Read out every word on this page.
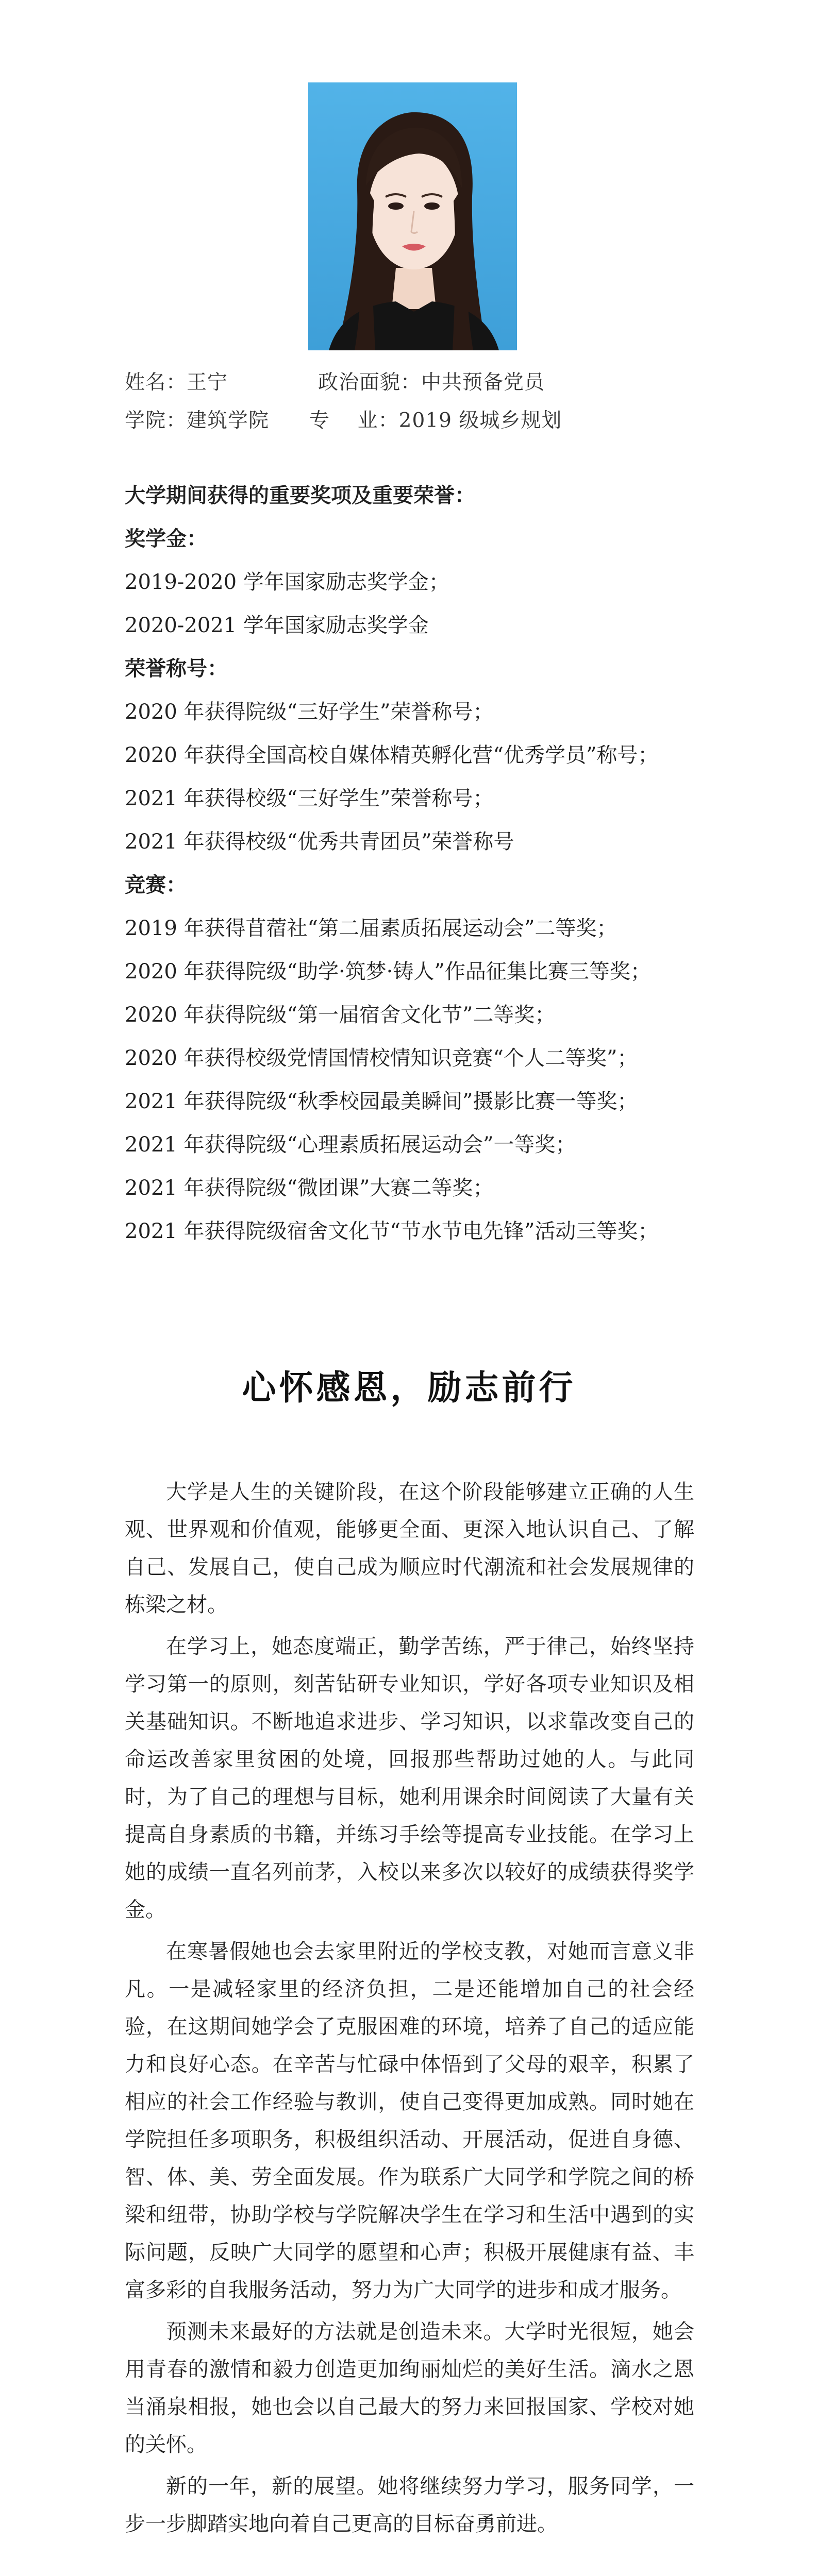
姓名：王宁	政治面貌：中共预备党员
学院：建筑学院 专    业：2019 级城乡规划
大学期间获得的重要奖项及重要荣誉：
奖学金：
2019-2020 学年国家励志奖学金；
2020-2021 学年国家励志奖学金
荣誉称号：
2020 年获得院级“三好学生”荣誉称号；
2020 年获得全国高校自媒体精英孵化营“优秀学员”称号；
2021 年获得校级“三好学生”荣誉称号；
2021 年获得校级“优秀共青团员”荣誉称号
竞赛：
2019 年获得苜蓿社“第二届素质拓展运动会”二等奖；
2020 年获得院级“助学·筑梦·铸人”作品征集比赛三等奖；
2020 年获得院级“第一届宿舍文化节”二等奖；
2020 年获得校级党情国情校情知识竞赛“个人二等奖”；
2021 年获得院级“秋季校园最美瞬间”摄影比赛一等奖；
2021 年获得院级“心理素质拓展运动会”一等奖；
2021 年获得院级“微团课”大赛二等奖；
2021 年获得院级宿舍文化节“节水节电先锋”活动三等奖；
心怀感恩，励志前行

大学是人生的关键阶段，在这个阶段能够建立正确的人生观、世界观和价值观，能够更全面、更深入地认识自己、了解自己、发展自己，使自己成为顺应时代潮流和社会发展规律的栋梁之材。

在学习上，她态度端正，勤学苦练，严于律己，始终坚持学习第一的原则，刻苦钻研专业知识，学好各项专业知识及相关基础知识。不断地追求进步、学习知识，以求靠改变自己的命运改善家里贫困的处境，回报那些帮助过她的人。与此同时，为了自己的理想与目标，她利用课余时间阅读了大量有关提高自身素质的书籍，并练习手绘等提高专业技能。在学习上她的成绩一直名列前茅，入校以来多次以较好的成绩获得奖学金。

在寒暑假她也会去家里附近的学校支教，对她而言意义非凡。一是减轻家里的经济负担，二是还能增加自己的社会经验，在这期间她学会了克服困难的环境，培养了自己的适应能力和良好心态。在辛苦与忙碌中体悟到了父母的艰辛，积累了相应的社会工作经验与教训，使自己变得更加成熟。同时她在学院担任多项职务，积极组织活动、开展活动，促进自身德、智、体、美、劳全面发展。作为联系广大同学和学院之间的桥梁和纽带，协助学校与学院解决学生在学习和生活中遇到的实际问题，反映广大同学的愿望和心声；积极开展健康有益、丰富多彩的自我服务活动，努力为广大同学的进步和成才服务。

预测未来最好的方法就是创造未来。大学时光很短，她会用青春的激情和毅力创造更加绚丽灿烂的美好生活。滴水之恩当涌泉相报，她也会以自己最大的努力来回报国家、学校对她的关怀。

新的一年，新的展望。她将继续努力学习，服务同学，一步一步脚踏实地向着自己更高的目标奋勇前进。
